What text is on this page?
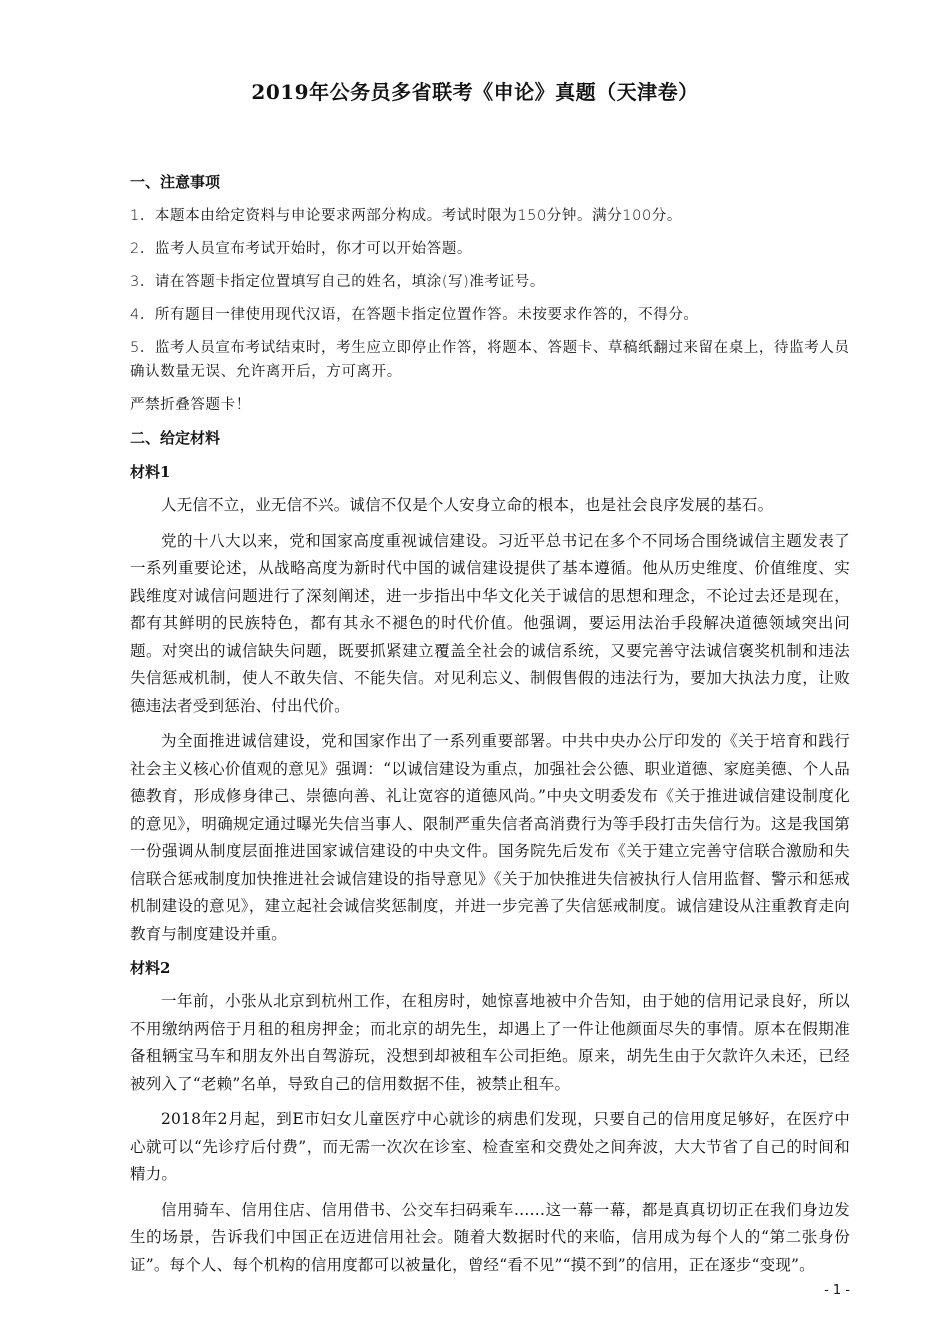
2019年公务员多省联考《申论》真题（天津卷）
一、注意事项

1．本题本由给定资料与申论要求两部分构成。考试时限为150分钟。满分100分。

2．监考人员宣布考试开始时，你才可以开始答题。

3．请在答题卡指定位置填写自己的姓名，填涂(写)准考证号。

4．所有题目一律使用现代汉语，在答题卡指定位置作答。未按要求作答的，不得分。

5．监考人员宣布考试结束时，考生应立即停止作答，将题本、答题卡、草稿纸翻过来留在桌上，待监考人员确认数量无误、允许离开后，方可离开。

严禁折叠答题卡！

二、给定材料
材料1

人无信不立，业无信不兴。诚信不仅是个人安身立命的根本，也是社会良序发展的基石。

党的十八大以来，党和国家高度重视诚信建设。习近平总书记在多个不同场合围绕诚信主题发表了一系列重要论述，从战略高度为新时代中国的诚信建设提供了基本遵循。他从历史维度、价值维度、实践维度对诚信问题进行了深刻阐述，进一步指出中华文化关于诚信的思想和理念，不论过去还是现在，都有其鲜明的民族特色，都有其永不褪色的时代价值。他强调，要运用法治手段解决道德领域突出问题。对突出的诚信缺失问题，既要抓紧建立覆盖全社会的诚信系统，又要完善守法诚信褒奖机制和违法失信惩戒机制，使人不敢失信、不能失信。对见利忘义、制假售假的违法行为，要加大执法力度，让败德违法者受到惩治、付出代价。

为全面推进诚信建设，党和国家作出了一系列重要部署。中共中央办公厅印发的《关于培育和践行社会主义核心价值观的意见》强调：“以诚信建设为重点，加强社会公德、职业道德、家庭美德、个人品德教育，形成修身律己、崇德向善、礼让宽容的道德风尚。”中央文明委发布《关于推进诚信建设制度化的意见》，明确规定通过曝光失信当事人、限制严重失信者高消费行为等手段打击失信行为。这是我国第一份强调从制度层面推进国家诚信建设的中央文件。国务院先后发布《关于建立完善守信联合激励和失信联合惩戒制度加快推进社会诚信建设的指导意见》《关于加快推进失信被执行人信用监督、警示和惩戒机制建设的意见》，建立起社会诚信奖惩制度，并进一步完善了失信惩戒制度。诚信建设从注重教育走向教育与制度建设并重。

材料2

一年前，小张从北京到杭州工作，在租房时，她惊喜地被中介告知，由于她的信用记录良好，所以不用缴纳两倍于月租的租房押金；而北京的胡先生，却遇上了一件让他颜面尽失的事情。原本在假期准备租辆宝马车和朋友外出自驾游玩，没想到却被租车公司拒绝。原来，胡先生由于欠款许久未还，已经被列入了“老赖”名单，导致自己的信用数据不佳，被禁止租车。

2018年2月起，到E市妇女儿童医疗中心就诊的病患们发现，只要自己的信用度足够好，在医疗中心就可以“先诊疗后付费”，而无需一次次在诊室、检查室和交费处之间奔波，大大节省了自己的时间和精力。

信用骑车、信用住店、信用借书、公交车扫码乘车……这一幕一幕，都是真真切切正在我们身边发生的场景，告诉我们中国正在迈进信用社会。随着大数据时代的来临，信用成为每个人的“第二张身份证”。每个人、每个机构的信用度都可以被量化，曾经“看不见”“摸不到”的信用，正在逐步“变现”。

- 1 -
